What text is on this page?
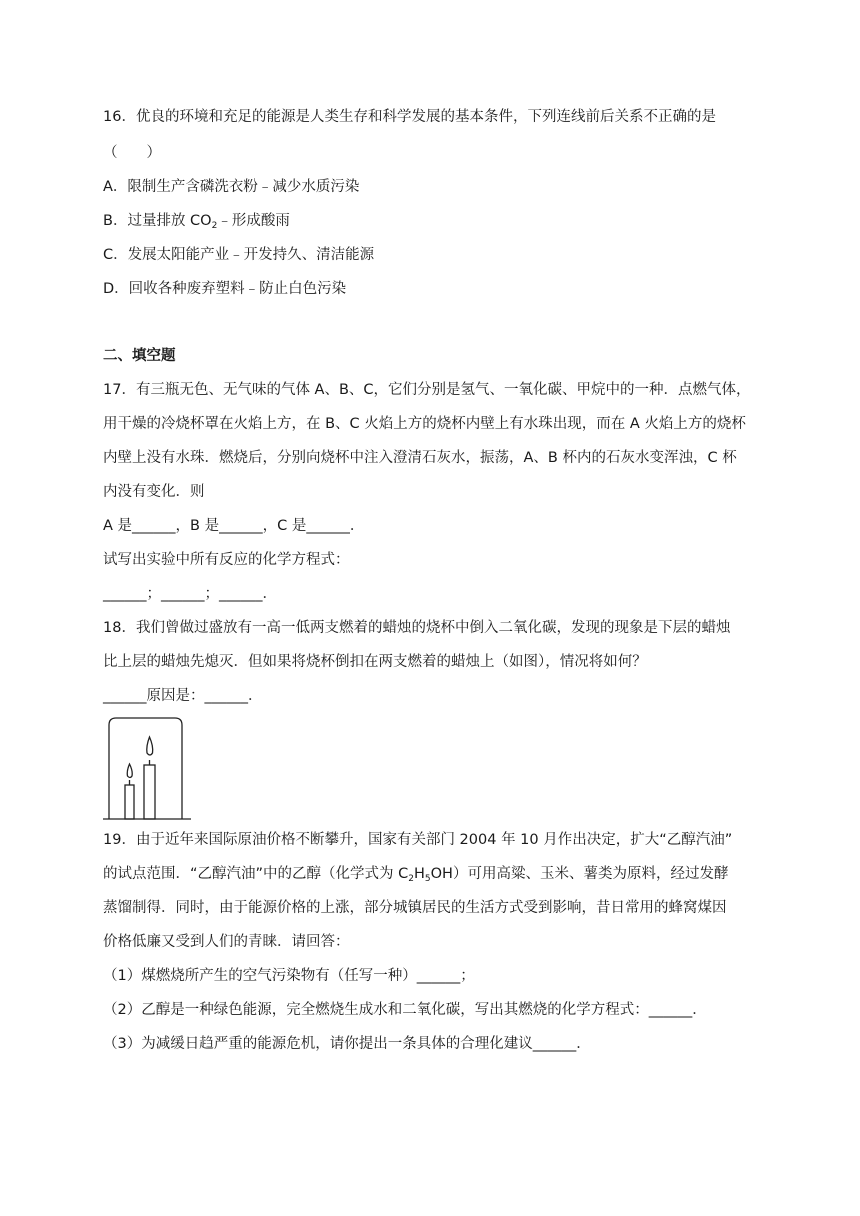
16．优良的环境和充足的能源是人类生存和科学发展的基本条件，下列连线前后关系不正确的是
（　　）
A．限制生产含磷洗衣粉﹣减少水质污染
B．过量排放 $CO_2﹣$形成酸雨
C．发展太阳能产业﹣开发持久、清洁能源
D．回收各种废弃塑料﹣防止白色污染
二、填空题
17．有三瓶无色、无气味的气体 A、B、C，它们分别是氢气、一氧化碳、甲烷中的一种．点燃气体，
用干燥的冷烧杯罩在火焰上方，在 B、C 火焰上方的烧杯内壁上有水珠出现，而在 A 火焰上方的烧杯
内壁上没有水珠．燃烧后，分别向烧杯中注入澄清石灰水，振荡，A、B 杯内的石灰水变浑浊，C 杯
内没有变化．则
A 是______，B 是______，C 是______．
试写出实验中所有反应的化学方程式：
______；______；______．
18．我们曾做过盛放有一高一低两支燃着的蜡烛的烧杯中倒入二氧化碳，发现的现象是下层的蜡烛
比上层的蜡烛先熄灭．但如果将烧杯倒扣在两支燃着的蜡烛上（如图），情况将如何？
______原因是：______．
19．由于近年来国际原油价格不断攀升，国家有关部门 2004 年 10 月作出决定，扩大“乙醇汽油”
的试点范围．“乙醇汽油”中的乙醇（化学式为 $C_2H_5OH$）可用高粱、玉米、薯类为原料，经过发酵
蒸馏制得．同时，由于能源价格的上涨，部分城镇居民的生活方式受到影响，昔日常用的蜂窝煤因
价格低廉又受到人们的青睐．请回答：
（1）煤燃烧所产生的空气污染物有（任写一种）______；
（2）乙醇是一种绿色能源，完全燃烧生成水和二氧化碳，写出其燃烧的化学方程式：______．
（3）为减缓日趋严重的能源危机，请你提出一条具体的合理化建议______．
